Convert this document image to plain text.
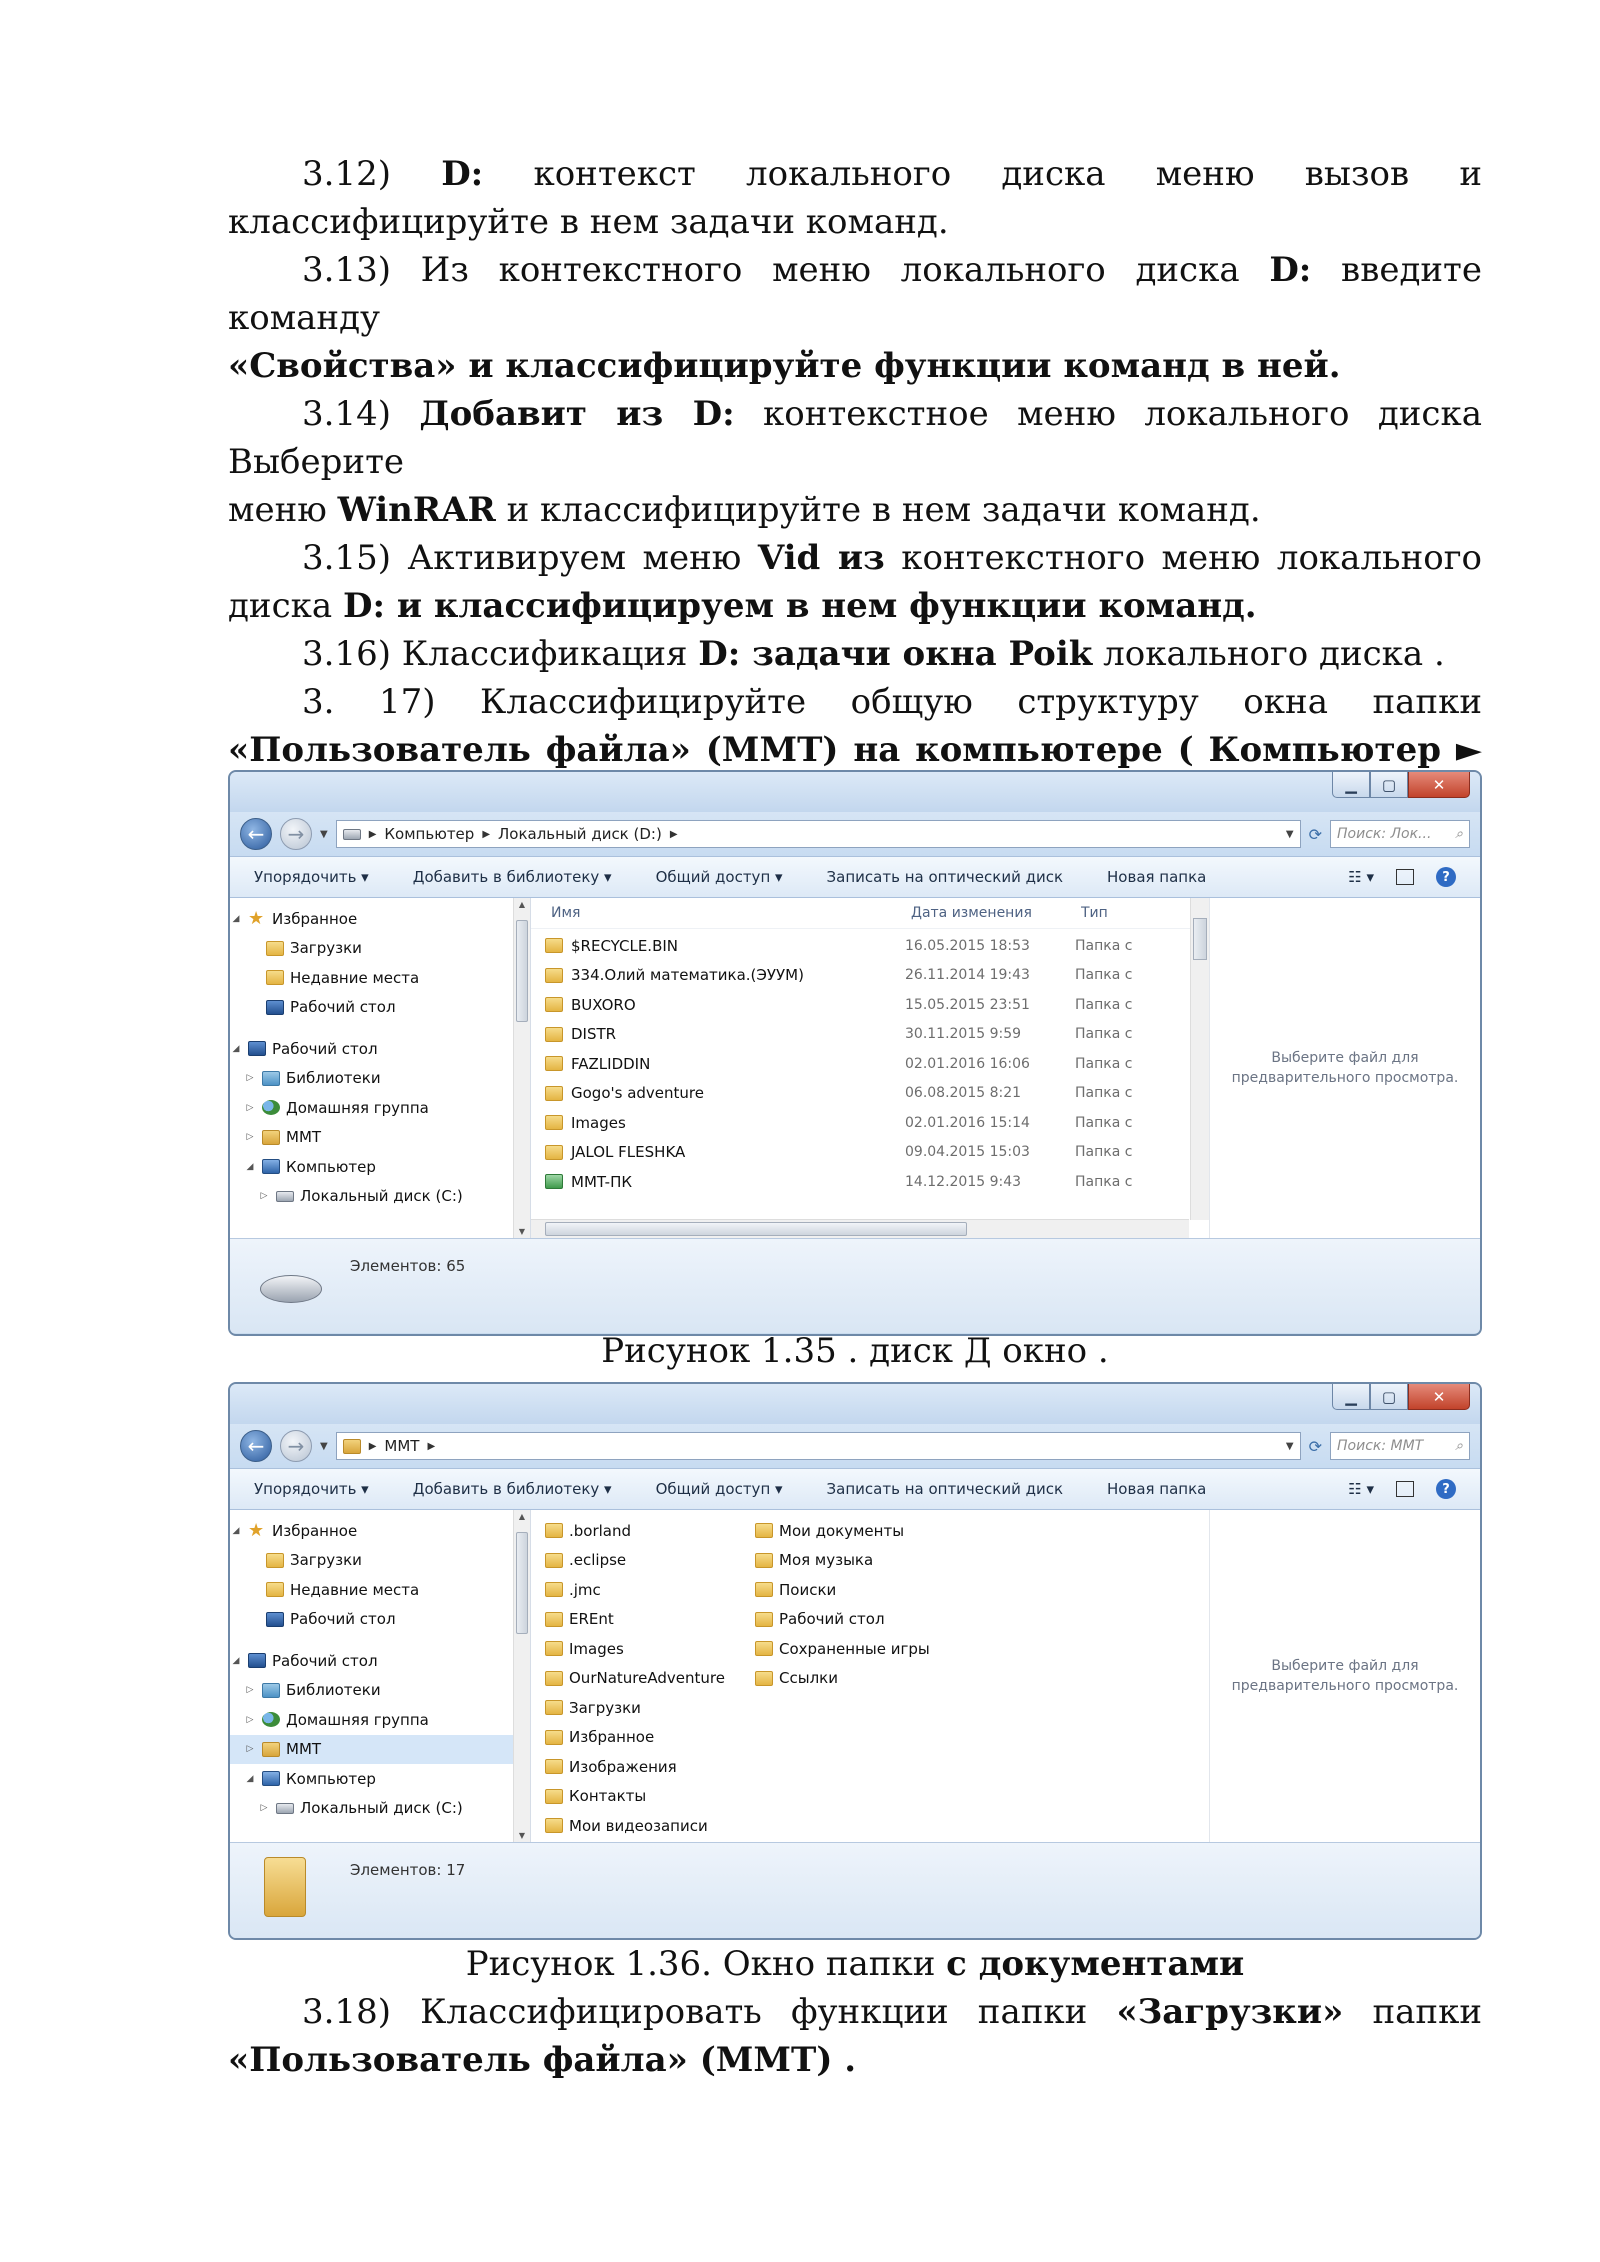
3.12) D: контекст локального диска меню вызов и

классифицируйте в нем задачи команд.

3.13) Из контекстного меню локального диска D: введите команду

«Свойства» и классифицируйте функции команд в ней.

3.14) Добавит из D: контекстное меню локального диска Выберите

меню WinRAR и классифицируйте в нем задачи команд.

3.15) Активируем меню Vid из контекстного меню локального

диска D: и классифицируем в нем функции команд.

3.16) Классификация D: задачи окна Poik локального диска .

3. 17) Классифицируйте общую структуру окна папки

«Пользователь файла» (MMT) на компьютере ( Компьютер ►

▁	▢	✕
←	→	▼	▶ Компьютер ▶ Локальный диск (D:) ▶	▼ ⟳ Поиск: Лок... ⌕
Упорядочить ▾	Добавить в библиотеку ▾	Общий доступ ▾	Записать на оптический диск	Новая папка	☷ ▾	?
◢ ★ Избранное
Загрузки
Недавние места
Рабочий стол
◢ Рабочий стол
▷ Библиотеки
▷ Домашняя группа
▷ MMT
◢ Компьютер
▷ Локальный диск (C:)
▲
▼
Имя	Дата изменения	Тип
$RECYCLE.BIN	16.05.2015 18:53	Папка с
334.Олий математика.(ЭУУМ)	26.11.2014 19:43	Папка с
BUXORO	15.05.2015 23:51	Папка с
DISTR	30.11.2015 9:59	Папка с
FAZLIDDIN	02.01.2016 16:06	Папка с
Gogo's adventure	06.08.2015 8:21	Папка с
Images	02.01.2016 15:14	Папка с
JALOL FLESHKA	09.04.2015 15:03	Папка с
MMT-ПК	14.12.2015 9:43	Папка с
Выберите файл для предварительного просмотра.
Элементов: 65
Рисунок 1.35 . диск Д окно .
▁	▢	✕
←	→	▼	▶ MMT ▶	▼ ⟳ Поиск: MMT ⌕
Упорядочить ▾	Добавить в библиотеку ▾	Общий доступ ▾	Записать на оптический диск	Новая папка	☷ ▾	?
◢ ★ Избранное
Загрузки
Недавние места
Рабочий стол
◢ Рабочий стол
▷ Библиотеки
▷ Домашняя группа
▷ MMT
◢ Компьютер
▷ Локальный диск (C:)
▲
▼
.borland
.eclipse
.jmc
EREnt
Images
OurNatureAdventure
Загрузки
Избранное
Изображения
Контакты
Мои видеозаписи
Мои документы
Моя музыка
Поиски
Рабочий стол
Сохраненные игры
Ссылки
Выберите файл для предварительного просмотра.
Элементов: 17
Рисунок 1.36. Окно папки с документами

3.18) Классифицировать функции папки «Загрузки» папки

«Пользователь файла» (MMT) .
